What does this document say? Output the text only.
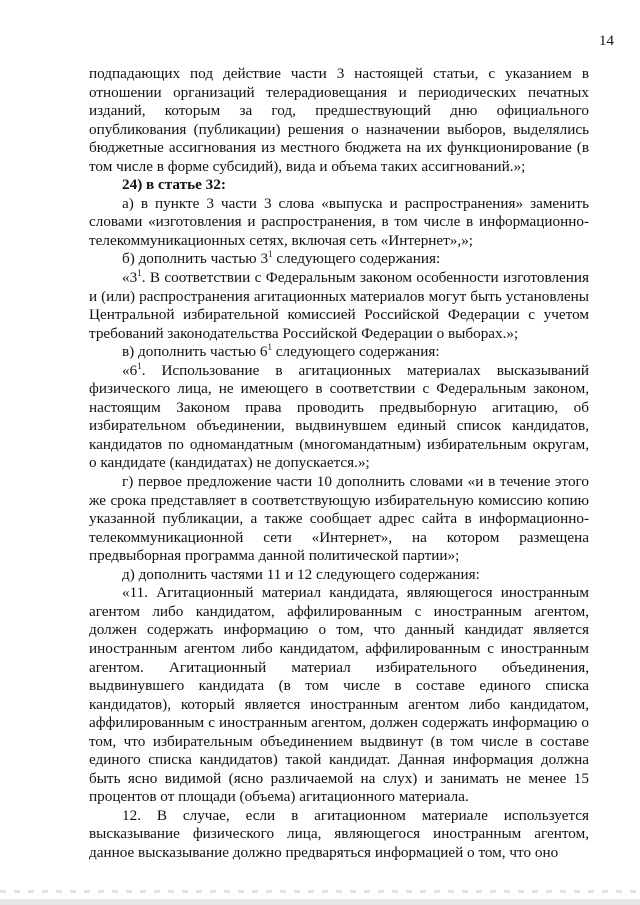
14

подпадающих под действие части 3 настоящей статьи, с указанием в отношении организаций телерадиовещания и периодических печатных изданий, которым за год, предшествующий дню официального опубликования (публикации) решения о назначении выборов, выделялись бюджетные ассигнования из местного бюджета на их функционирование (в том числе в форме субсидий), вида и объема таких ассигнований.»;

24) в статье 32:

а) в пункте 3 части 3 слова «выпуска и распространения» заменить словами «изготовления и распространения, в том числе в информационно-телекоммуникационных сетях, включая сеть «Интернет»,»;

б) дополнить частью $3^1$ следующего содержания:

«$3^1$. В соответствии с Федеральным законом особенности изготовления и (или) распространения агитационных материалов могут быть установлены Центральной избирательной комиссией Российской Федерации с учетом требований законодательства Российской Федерации о выборах.»;

в) дополнить частью $6^1$ следующего содержания:

«$6^1$. Использование в агитационных материалах высказываний физического лица, не имеющего в соответствии с Федеральным законом, настоящим Законом права проводить предвыборную агитацию, об избирательном объединении, выдвинувшем единый список кандидатов, кандидатов по одномандатным (многомандатным) избирательным округам, о кандидате (кандидатах) не допускается.»;

г) первое предложение части 10 дополнить словами «и в течение этого же срока представляет в соответствующую избирательную комиссию копию указанной публикации, а также сообщает адрес сайта в информационно-телекоммуникационной сети «Интернет», на котором размещена предвыборная программа данной политической партии»;

д) дополнить частями 11 и 12 следующего содержания:

«11. Агитационный материал кандидата, являющегося иностранным агентом либо кандидатом, аффилированным с иностранным агентом, должен содержать информацию о том, что данный кандидат является иностранным агентом либо кандидатом, аффилированным с иностранным агентом. Агитационный материал избирательного объединения, выдвинувшего кандидата (в том числе в составе единого списка кандидатов), который является иностранным агентом либо кандидатом, аффилированным с иностранным агентом, должен содержать информацию о том, что избирательным объединением выдвинут (в том числе в составе единого списка кандидатов) такой кандидат. Данная информация должна быть ясно видимой (ясно различаемой на слух) и занимать не менее 15 процентов от площади (объема) агитационного материала.

12. В случае, если в агитационном материале используется высказывание физического лица, являющегося иностранным агентом, данное высказывание должно предваряться информацией о том, что оно
